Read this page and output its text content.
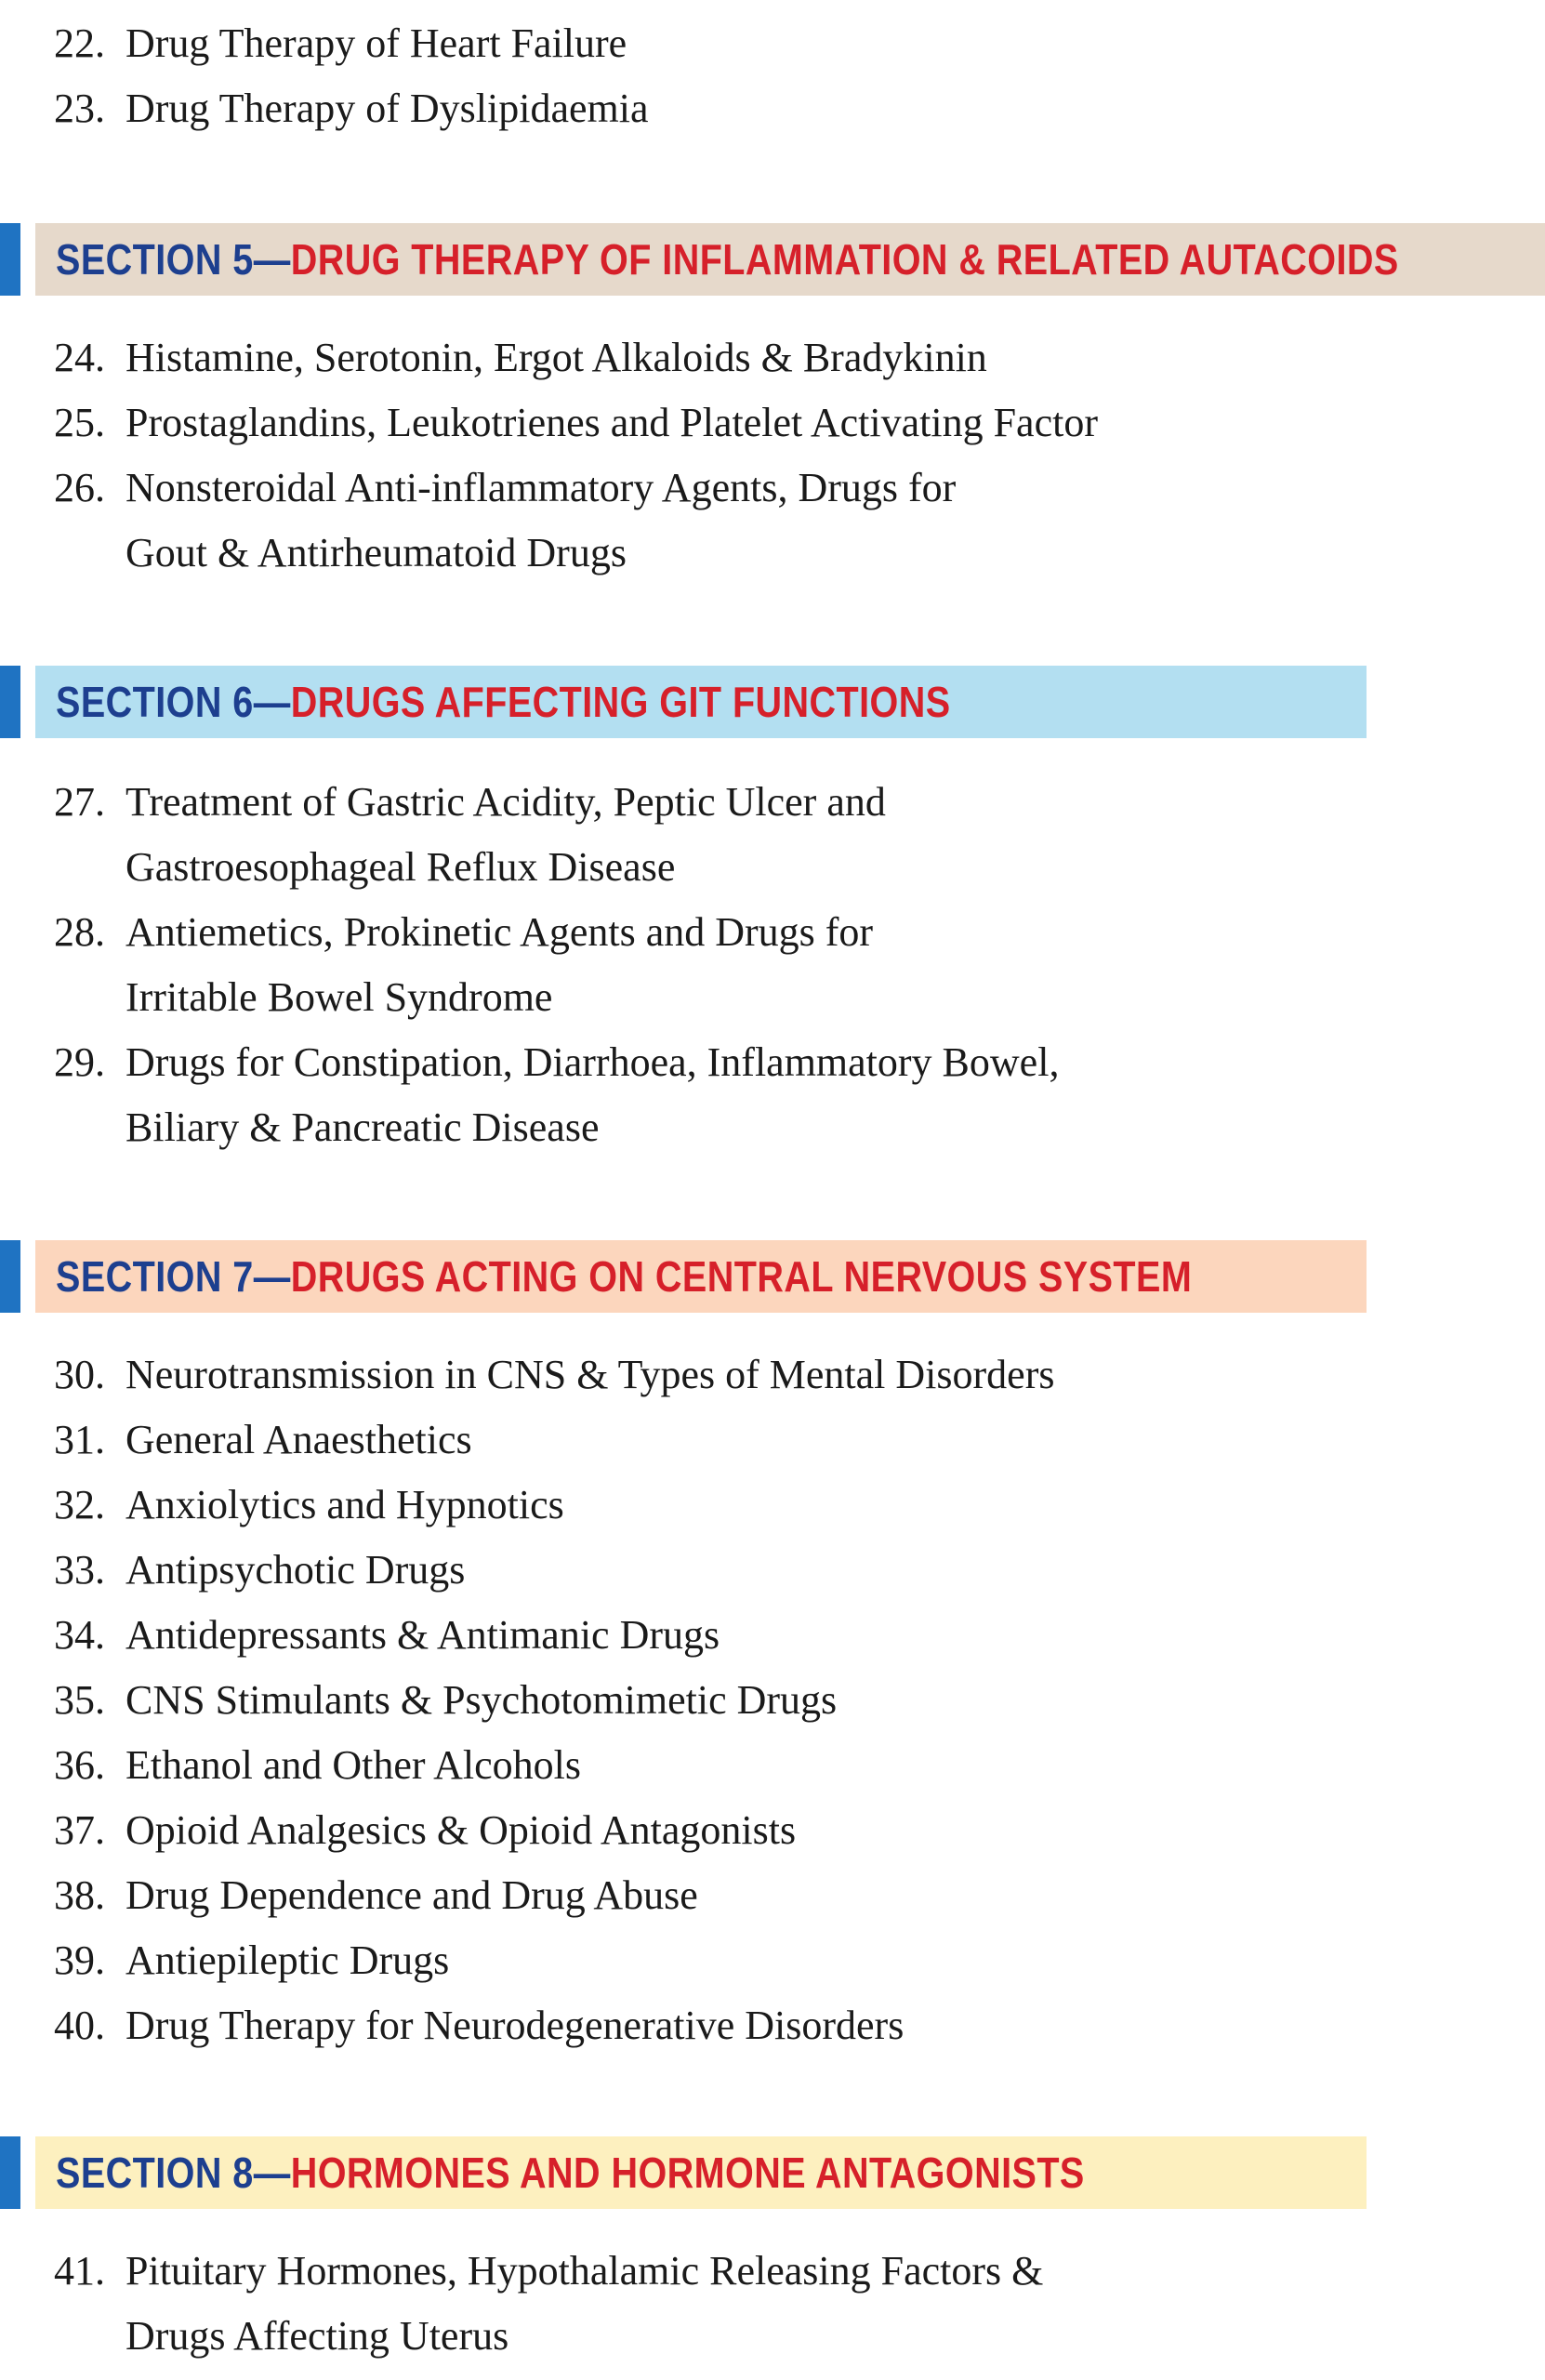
22. Drug Therapy of Heart Failure
23. Drug Therapy of Dyslipidaemia
SECTION 5—DRUG THERAPY OF INFLAMMATION & RELATED AUTACOIDS
24. Histamine, Serotonin, Ergot Alkaloids & Bradykinin
25. Prostaglandins, Leukotrienes and Platelet Activating Factor
26. Nonsteroidal Anti-inflammatory Agents, Drugs for
Gout & Antirheumatoid Drugs
SECTION 6—DRUGS AFFECTING GIT FUNCTIONS
27. Treatment of Gastric Acidity, Peptic Ulcer and
Gastroesophageal Reflux Disease
28. Antiemetics, Prokinetic Agents and Drugs for
Irritable Bowel Syndrome
29. Drugs for Constipation, Diarrhoea, Inflammatory Bowel,
Biliary & Pancreatic Disease
SECTION 7—DRUGS ACTING ON CENTRAL NERVOUS SYSTEM
30. Neurotransmission in CNS & Types of Mental Disorders
31. General Anaesthetics
32. Anxiolytics and Hypnotics
33. Antipsychotic Drugs
34. Antidepressants & Antimanic Drugs
35. CNS Stimulants & Psychotomimetic Drugs
36. Ethanol and Other Alcohols
37. Opioid Analgesics & Opioid Antagonists
38. Drug Dependence and Drug Abuse
39. Antiepileptic Drugs
40. Drug Therapy for Neurodegenerative Disorders
SECTION 8—HORMONES AND HORMONE ANTAGONISTS
41. Pituitary Hormones, Hypothalamic Releasing Factors &
Drugs Affecting Uterus
